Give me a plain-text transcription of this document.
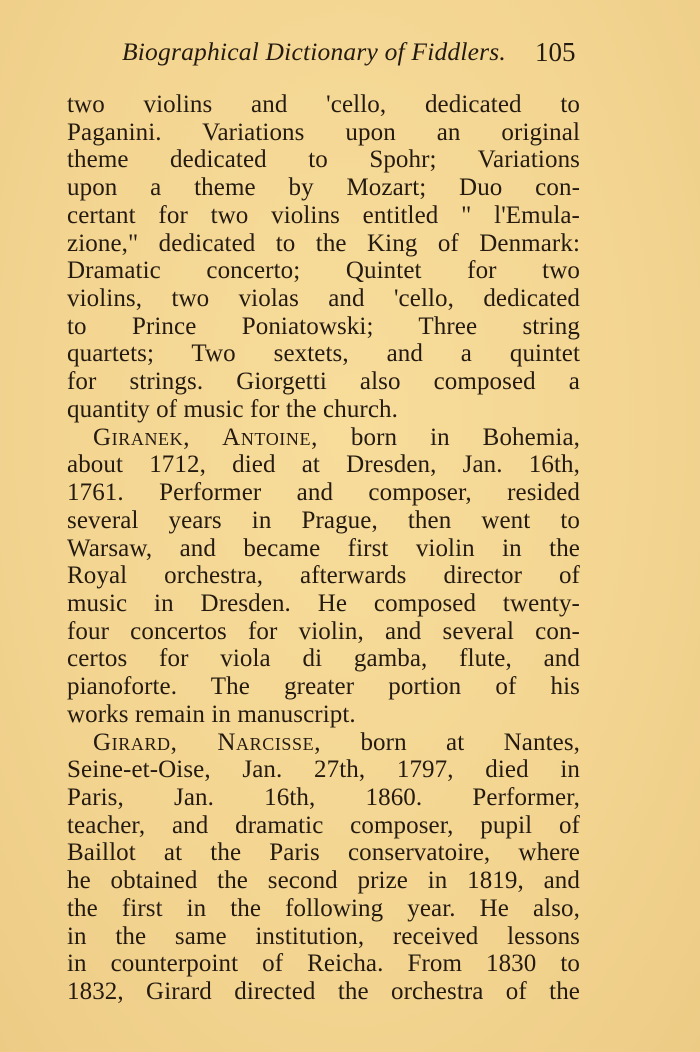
Biographical Dictionary of Fiddlers. 105
two violins and 'cello, dedicated to
Paganini. Variations upon an original
theme dedicated to Spohr; Variations
upon a theme by Mozart; Duo con-
certant for two violins entitled " l'Emula-
zione," dedicated to the King of Denmark:
Dramatic concerto; Quintet for two
violins, two violas and 'cello, dedicated
to Prince Poniatowski; Three string
quartets; Two sextets, and a quintet
for strings. Giorgetti also composed a
quantity of music for the church.
Giranek, Antoine, born in Bohemia,
about 1712, died at Dresden, Jan. 16th,
1761. Performer and composer, resided
several years in Prague, then went to
Warsaw, and became first violin in the
Royal orchestra, afterwards director of
music in Dresden. He composed twenty-
four concertos for violin, and several con-
certos for viola di gamba, flute, and
pianoforte. The greater portion of his
works remain in manuscript.
Girard, Narcisse, born at Nantes,
Seine-et-Oise, Jan. 27th, 1797, died in
Paris, Jan. 16th, 1860. Performer,
teacher, and dramatic composer, pupil of
Baillot at the Paris conservatoire, where
he obtained the second prize in 1819, and
the first in the following year. He also,
in the same institution, received lessons
in counterpoint of Reicha. From 1830 to
1832, Girard directed the orchestra of the
